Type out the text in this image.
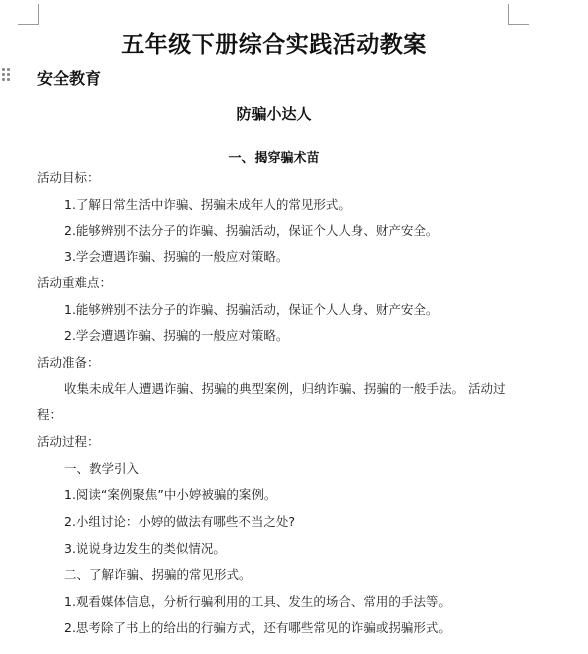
五年级下册综合实践活动教案
安全教育
防骗小达人
一、揭穿骗术苗
活动目标：
1.了解日常生活中诈骗、拐骗未成年人的常见形式。
2.能够辨别不法分子的诈骗、拐骗活动，保证个人人身、财产安全。
3.学会遭遇诈骗、拐骗的一般应对策略。
活动重难点：
1.能够辨别不法分子的诈骗、拐骗活动，保证个人人身、财产安全。
2.学会遭遇诈骗、拐骗的一般应对策略。
活动准备：
收集未成年人遭遇诈骗、拐骗的典型案例，归纳诈骗、拐骗的一般手法。 活动过程：
活动过程：
一、教学引入
1.阅读“案例聚焦”中小婷被骗的案例。
2.小组讨论：小婷的做法有哪些不当之处?
3.说说身边发生的类似情况。
二、了解诈骗、拐骗的常见形式。
1.观看媒体信息，分析行骗利用的工具、发生的场合、常用的手法等。
2.思考除了书上的给出的行骗方式，还有哪些常见的诈骗或拐骗形式。
